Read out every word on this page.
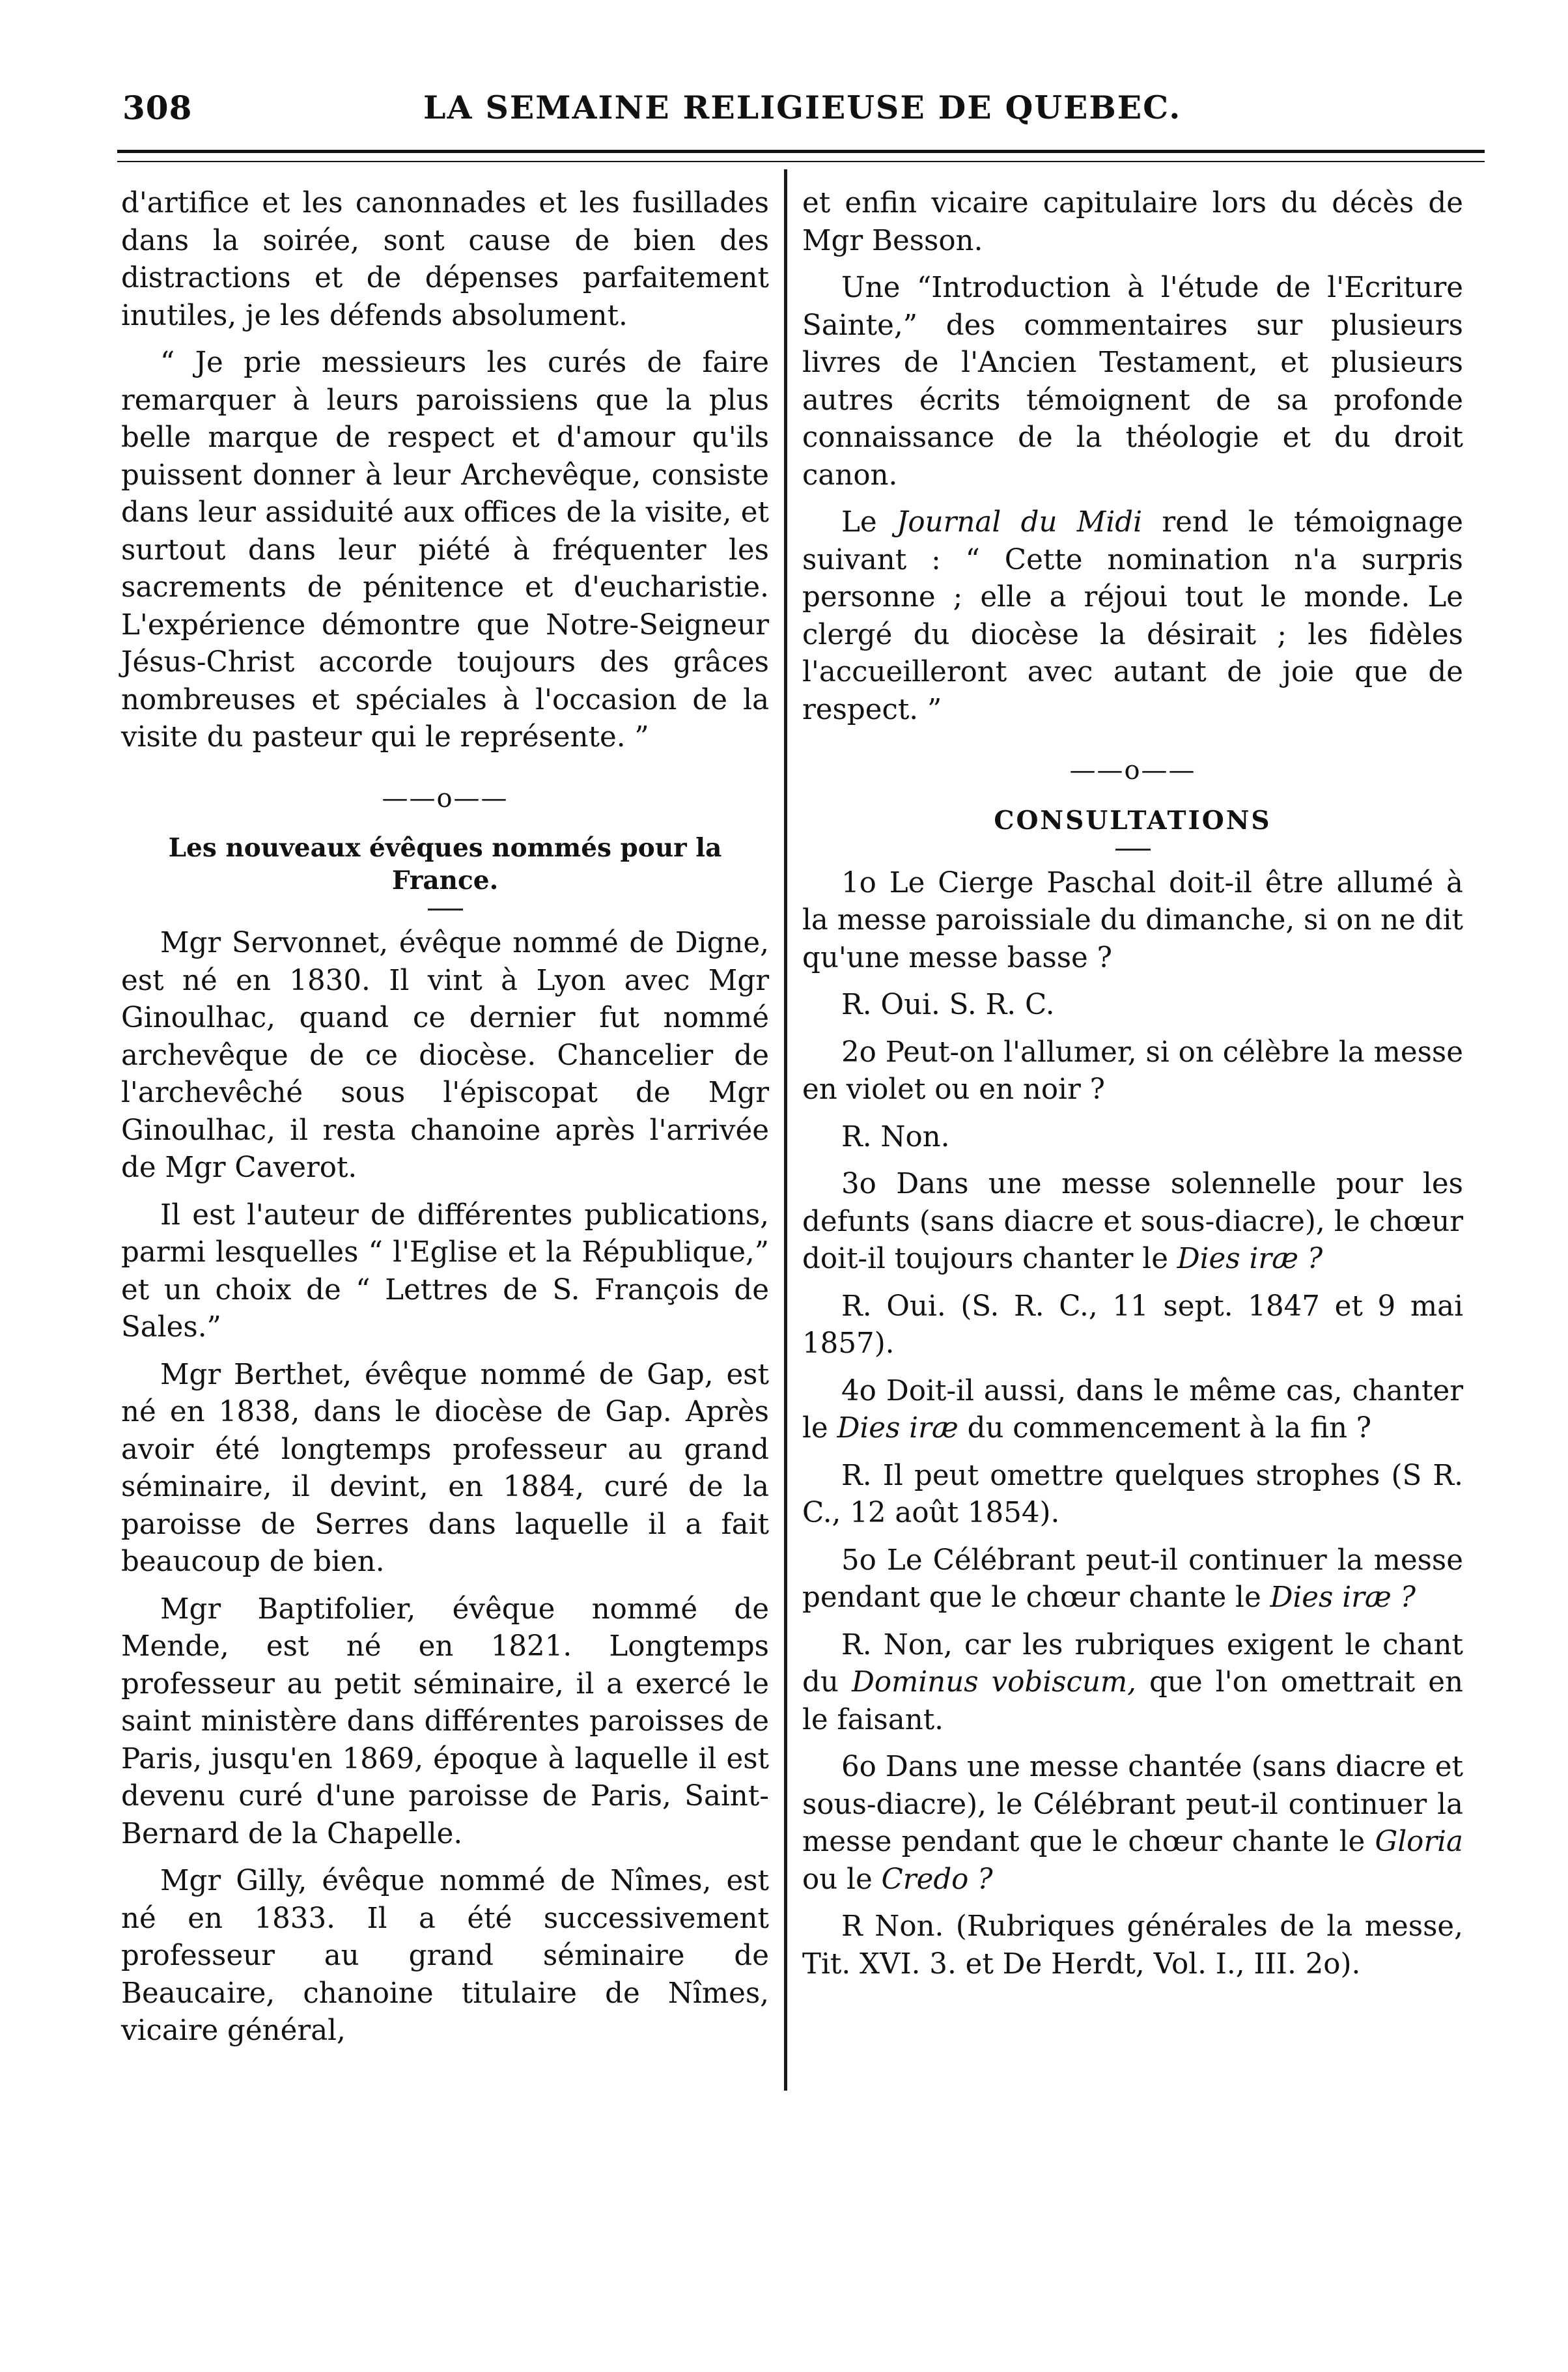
308	LA SEMAINE RELIGIEUSE DE QUEBEC.

d'artifice et les canonnades et les fusillades dans la soirée, sont cause de bien des distractions et de dépenses parfaitement inutiles, je les défends absolument.

“ Je prie messieurs les curés de faire remarquer à leurs paroissiens que la plus belle marque de respect et d'amour qu'ils puissent donner à leur Archevêque, consiste dans leur assiduité aux offices de la visite, et surtout dans leur piété à fréquenter les sacrements de pénitence et d'eucharistie. L'expérience démontre que Notre-Seigneur Jésus-Christ accorde toujours des grâces nombreuses et spéciales à l'occasion de la visite du pasteur qui le représente. ”

——o——
Les nouveaux évêques nommés pour la France.

Mgr Servonnet, évêque nommé de Digne, est né en 1830. Il vint à Lyon avec Mgr Ginoulhac, quand ce dernier fut nommé archevêque de ce diocèse. Chancelier de l'archevêché sous l'épiscopat de Mgr Ginoulhac, il resta chanoine après l'arrivée de Mgr Caverot.

Il est l'auteur de différentes publications, parmi lesquelles “ l'Eglise et la République,” et un choix de “ Lettres de S. François de Sales.”

Mgr Berthet, évêque nommé de Gap, est né en 1838, dans le diocèse de Gap. Après avoir été longtemps professeur au grand séminaire, il devint, en 1884, curé de la paroisse de Serres dans laquelle il a fait beaucoup de bien.

Mgr Baptifolier, évêque nommé de Mende, est né en 1821. Longtemps professeur au petit séminaire, il a exercé le saint ministère dans différentes paroisses de Paris, jusqu'en 1869, époque à laquelle il est devenu curé d'une paroisse de Paris, Saint-Bernard de la Chapelle.

Mgr Gilly, évêque nommé de Nîmes, est né en 1833. Il a été successivement professeur au grand séminaire de Beaucaire, chanoine titulaire de Nîmes, vicaire général,

et enfin vicaire capitulaire lors du décès de Mgr Besson.

Une “Introduction à l'étude de l'Ecriture Sainte,” des commentaires sur plusieurs livres de l'Ancien Testament, et plusieurs autres écrits témoignent de sa profonde connaissance de la théologie et du droit canon.

Le Journal du Midi rend le témoignage suivant : “ Cette nomination n'a surpris personne ; elle a réjoui tout le monde. Le clergé du diocèse la désirait ; les fidèles l'accueilleront avec autant de joie que de respect. ”

——o——
CONSULTATIONS

1o Le Cierge Paschal doit-il être allumé à la messe paroissiale du dimanche, si on ne dit qu'une messe basse ?

R. Oui. S. R. C.

2o Peut-on l'allumer, si on célèbre la messe en violet ou en noir ?

R. Non.

3o Dans une messe solennelle pour les defunts (sans diacre et sous-diacre), le chœur doit-il toujours chanter le Dies iræ ?

R. Oui. (S. R. C., 11 sept. 1847 et 9 mai 1857).

4o Doit-il aussi, dans le même cas, chanter le Dies iræ du commencement à la fin ?

R. Il peut omettre quelques strophes (S R. C., 12 août 1854).

5o Le Célébrant peut-il continuer la messe pendant que le chœur chante le Dies iræ ?

R. Non, car les rubriques exigent le chant du Dominus vobiscum, que l'on omettrait en le faisant.

6o Dans une messe chantée (sans diacre et sous-diacre), le Célébrant peut-il continuer la messe pendant que le chœur chante le Gloria ou le Credo ?

R Non. (Rubriques générales de la messe, Tit. XVI. 3. et De Herdt, Vol. I., III. 2o).
